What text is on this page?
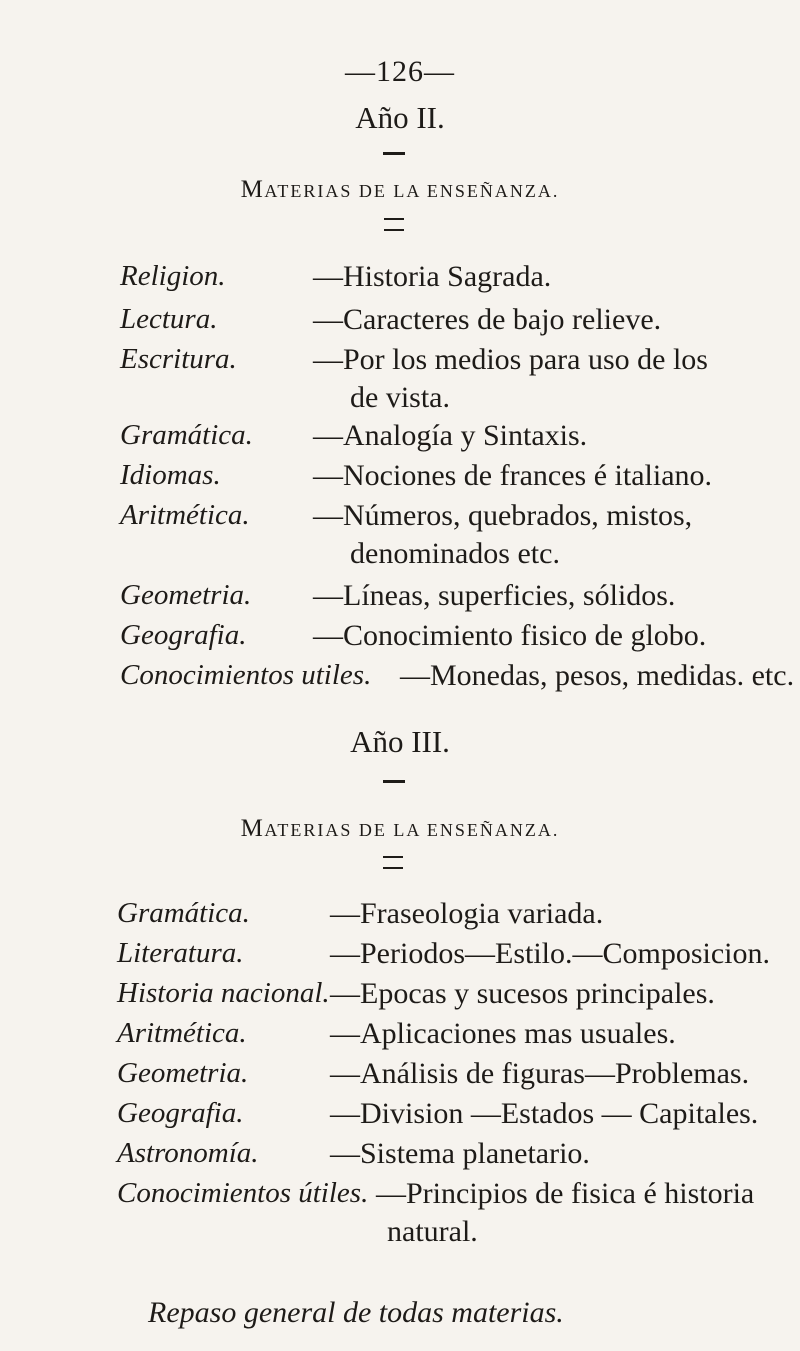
—126—
Año II.
MATERIAS DE LA ENSEÑANZA.
Religion.	—Historia Sagrada.
Lectura.	—Caracteres de bajo relieve.
Escritura.	—Por los medios para uso de los
de vista.
Gramática. —Analogía y Sintaxis.
Idiomas.	—Nociones de frances é italiano.
Aritmética. —Números, quebrados, mistos,
denominados etc.
Geometria. —Líneas, superficies, sólidos.
Geografia. —Conocimiento fisico de globo.
Conocimientos utiles. —Monedas, pesos, medidas. etc.
Año III.
MATERIAS DE LA ENSEÑANZA.
Gramática.	—Fraseologia variada.
Literatura.	—Periodos—Estilo.—Composicion.
Historia nacional. —Epocas y sucesos principales.
Aritmética.	—Aplicaciones mas usuales.
Geometria.	—Análisis de figuras—Problemas.
Geografia.	—Division —Estados — Capitales.
Astronomía. —Sistema planetario.
Conocimientos útiles. —Principios de fisica é historia
natural.
Repaso general de todas materias.
